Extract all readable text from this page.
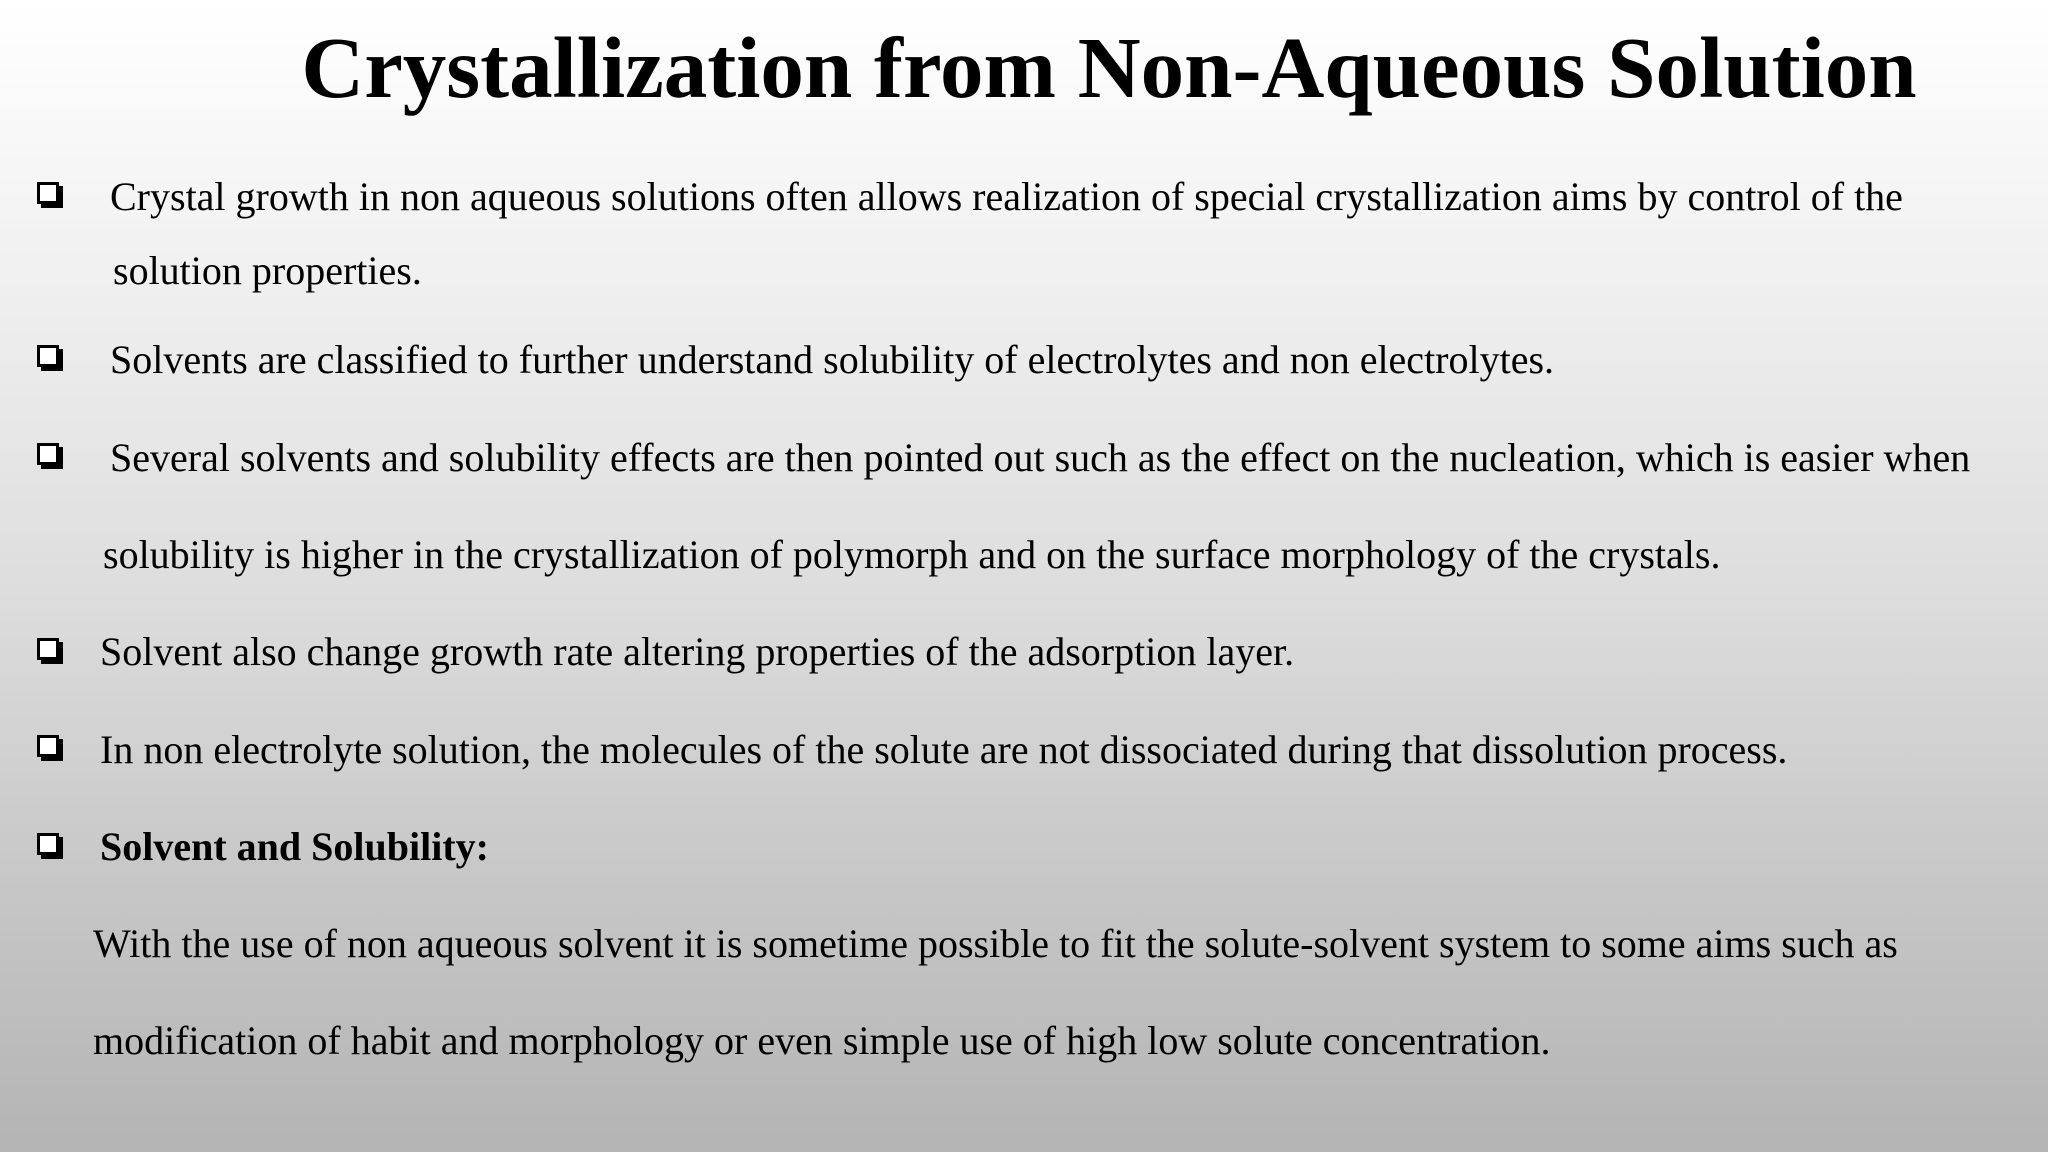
Crystallization from Non-Aqueous Solution
Crystal growth in non aqueous solutions often allows realization of special crystallization aims by control of the
solution properties.
Solvents are classified to further understand solubility of electrolytes and non electrolytes.
Several solvents and solubility effects are then pointed out such as the effect on the nucleation, which is easier when
solubility is higher in the crystallization of polymorph and on the surface morphology of the crystals.
Solvent also change growth rate altering properties of the adsorption layer.
In non electrolyte solution, the molecules of the solute are not dissociated during that dissolution process.
Solvent and Solubility:
With the use of non aqueous solvent it is sometime possible to fit the solute-solvent system to some aims such as
modification of habit and morphology or even simple use of high low solute concentration.
